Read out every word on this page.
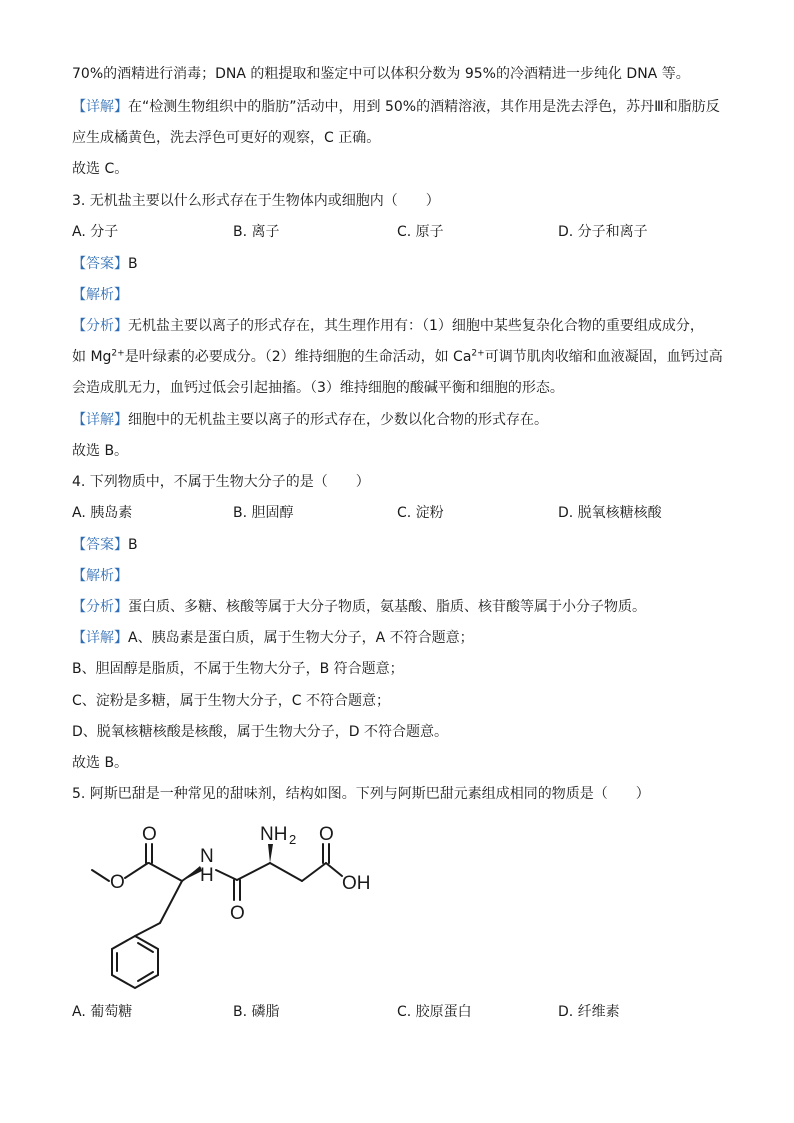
70%的酒精进行消毒；DNA 的粗提取和鉴定中可以体积分数为 95%的冷酒精进一步纯化 DNA 等。
【详解】在“检测生物组织中的脂肪”活动中，用到 50%的酒精溶液，其作用是洗去浮色，苏丹Ⅲ和脂肪反
应生成橘黄色，洗去浮色可更好的观察，C 正确。
故选 C。
3. 无机盐主要以什么形式存在于生物体内或细胞内（　　）
A. 分子	B. 离子	C. 原子	D. 分子和离子
【答案】B
【解析】
【分析】无机盐主要以离子的形式存在，其生理作用有：（1）细胞中某些复杂化合物的重要组成成分，
如 $Mg^{2+}$是叶绿素的必要成分。（2）维持细胞的生命活动，如 $Ca^{2+}$可调节肌肉收缩和血液凝固，血钙过高
会造成肌无力，血钙过低会引起抽搐。（3）维持细胞的酸碱平衡和细胞的形态。
【详解】细胞中的无机盐主要以离子的形式存在，少数以化合物的形式存在。
故选 B。
4. 下列物质中，不属于生物大分子的是（　　）
A. 胰岛素	B. 胆固醇	C. 淀粉	D. 脱氧核糖核酸
【答案】B
【解析】
【分析】蛋白质、多糖、核酸等属于大分子物质，氨基酸、脂质、核苷酸等属于小分子物质。
【详解】A、胰岛素是蛋白质，属于生物大分子，A 不符合题意；
B、胆固醇是脂质，不属于生物大分子，B 符合题意；
C、淀粉是多糖，属于生物大分子，C 不符合题意；
D、脱氧核糖核酸是核酸，属于生物大分子，D 不符合题意。
故选 B。
5. 阿斯巴甜是一种常见的甜味剂，结构如图。下列与阿斯巴甜元素组成相同的物质是（　　）
O
O
N
H
O
NH 2 O
OH
A. 葡萄糖	B. 磷脂	C. 胶原蛋白	D. 纤维素
